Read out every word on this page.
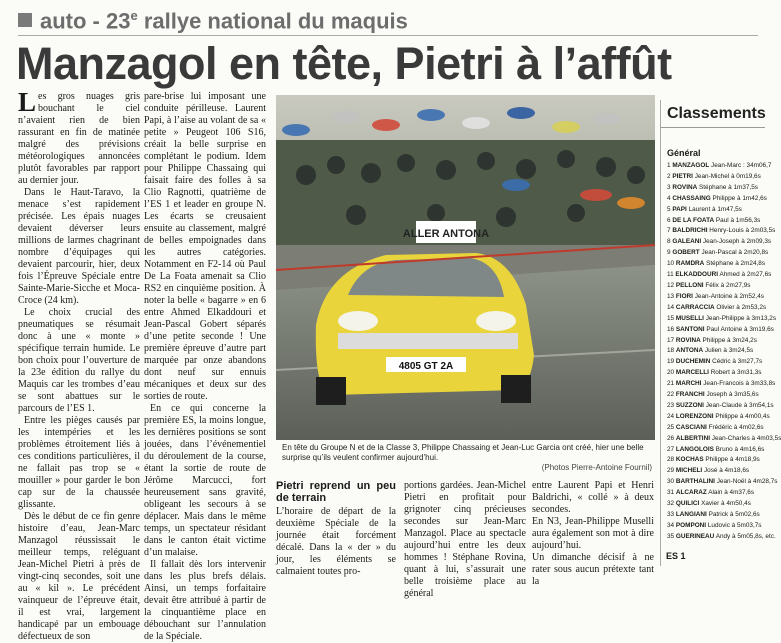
auto - 23e rallye national du maquis
Manzagol en tête, Pietri à l’affût

Les gros nuages gris bouchant le ciel n’avaient rien de bien rassurant en fin de matinée malgré des prévisions météorologiques annoncées plutôt favorables par rapport au dernier jour.

Dans le Haut-Taravo, la menace s’est rapidement précisée. Les épais nuages devaient déverser leurs millions de larmes chagrinant nombre d’équipages qui devaient parcourir, hier, deux fois l’Épreuve Spéciale entre Sainte-Marie-Sicche et Moca-Croce (24 km).

Le choix crucial des pneumatiques se résumait donc à une « monte » spécifique terrain humide. Le bon choix pour l’ouverture de la 23e édition du rallye du Maquis car les trombes d’eau se sont abattues sur le parcours de l’ES 1.

Entre les pièges causés par les intempéries et les problèmes étroitement liés à ces conditions particulières, il ne fallait pas trop se « mouiller » pour garder le bon cap sur de la chaussée glissante.

Dès le début de ce fin genre histoire d’eau, Jean-Marc Manzagol réussissait le meilleur temps, reléguant Jean-Michel Pietri à près de vingt-cinq secondes, soit une au « kil ». Le précédent vainqueur de l’épreuve était, il est vrai, largement handicapé par un embouage défectueux de son

pare-brise lui imposant une conduite périlleuse. Laurent Papi, à l’aise au volant de sa « petite » Peugeot 106 S16, créait la belle surprise en complétant le podium. Idem pour Philippe Chassaing qui faisait faire des folles à sa Clio Ragnotti, quatrième de l’ES 1 et leader en groupe N. Les écarts se creusaient ensuite au classement, malgré de belles empoignades dans les autres catégories. Notamment en F2-14 où Paul De La Foata amenait sa Clio RS2 en cinquième position. À noter la belle « bagarre » en 6 entre Ahmed Elkaddouri et Jean-Pascal Gobert séparés d’une petite seconde ! Une première épreuve d’autre part marquée par onze abandons dont neuf sur ennuis mécaniques et deux sur des sorties de route.

En ce qui concerne la première ES, la moins longue, les dernières positions se sont jouées, dans l’événementiel du déroulement de la course, étant la sortie de route de Jérôme Marcucci, fort heureusement sans gravité, obligeant les secours à se déplacer. Mais dans le même temps, un spectateur résidant dans le canton était victime d’un malaise.

Il fallait dès lors intervenir dans les plus brefs délais. Ainsi, un temps forfaitaire devait être attribué à partir de la cinquantième place en débouchant sur l’annulation de la Spéciale.

ALLER ANTONA
4805 GT 2A
En tête du Groupe N et de la Classe 3, Philippe Chassaing et Jean-Luc Garcia ont créé, hier une belle surprise qu’ils veulent confirmer aujourd’hui.
(Photos Pierre-Antoine Fournil)

Pietri reprend un peu de terrain

L’horaire de départ de la deuxième Spéciale de la journée était forcément décalé. Dans la « der » du jour, les éléments se calmaient toutes pro-

portions gardées. Jean-Michel Pietri en profitait pour grignoter cinq précieuses secondes sur Jean-Marc Manzagol. Place au spectacle aujourd’hui entre les deux hommes ! Stéphane Rovina, quant à lui, s’assurait une belle troisième place au général

entre Laurent Papi et Henri Baldrichi, « collé » à deux secondes.
En N3, Jean-Philippe Muselli aura également son mot à dire aujourd’hui.
Un dimanche décisif à ne rater sous aucun prétexte tant la

Classements
Général
1 MANZAGOL Jean-Marc : 34m06,7
2 PIETRI Jean-Michel à 0m19,6s
3 ROVINA Stéphane à 1m37,5s
4 CHASSAING Philippe à 1m42,6s
5 PAPI Laurent à 1m47,5s
6 DE LA FOATA Paul à 1m56,3s
7 BALDRICHI Henry-Louis à 2m03,5s
8 GALEANI Jean-Joseph à 2m09,3s
9 GOBERT Jean-Pascal à 2m20,8s
10 RAMDRA Stéphane à 2m24,8s
11 ELKADDOURI Ahmed à 2m27,6s
12 PELLONI Félix à 2m27,9s
13 FIORI Jean-Antoine à 2m52,4s
14 CARRACCIA Olivier à 2m53,2s
15 MUSELLI Jean-Philippe à 3m13,2s
16 SANTONI Paul Antoine à 3m19,6s
17 ROVINA Philippe à 3m24,2s
18 ANTONA Julien à 3m24,5s
19 DUCHEMIN Cédric à 3m27,7s
20 MARCELLI Robert à 3m31,3s
21 MARCHI Jean-Francois à 3m33,8s
22 FRANCHI Joseph à 3m35,6s
23 SUZZONI Jean-Claude à 3m54,1s
24 LORENZONI Philippe à 4m00,4s
25 CASCIANI Frédéric à 4m02,6s
26 ALBERTINI Jean-Charles à 4m03,5s
27 LANGOLOIS Bruno à 4m16,6s
28 KOCHAS Philippe à 4m18,9s
29 MICHELI José à 4m18,6s
30 BARTHALINI Jean-Noël à 4m28,7s
31 ALCARAZ Alain à 4m37,6s
32 QUILICI Xavier à 4m50,4s
33 LANGIANI Patrick à 5m02,6s
34 POMPONI Ludovic à 5m03,7s
35 GUERINEAU Andy à 5m05,8s, etc.
ES 1
